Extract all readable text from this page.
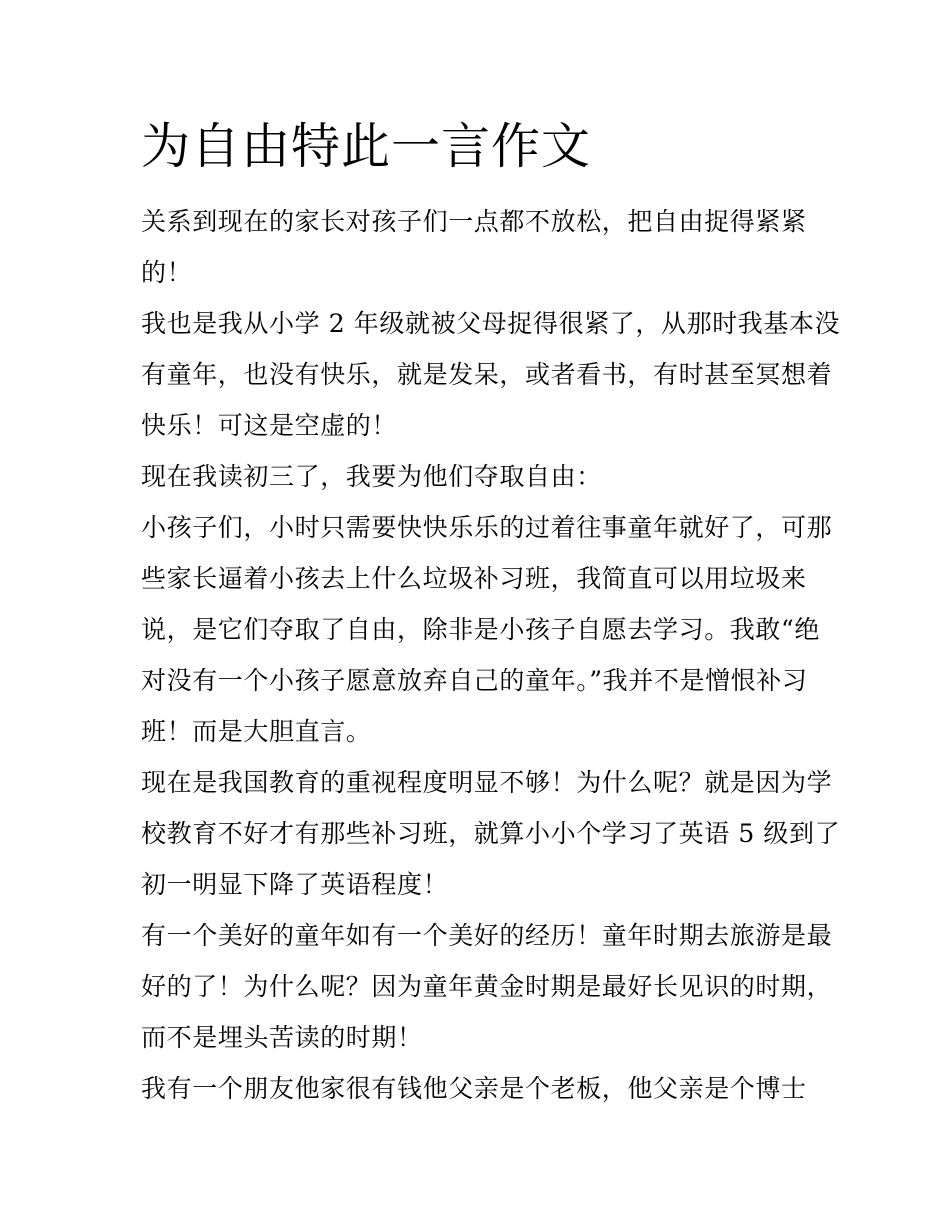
为自由特此一言作文
关系到现在的家长对孩子们一点都不放松，把自由捉得紧紧
的！
我也是我从小学 2 年级就被父母捉得很紧了，从那时我基本没
有童年，也没有快乐，就是发呆，或者看书，有时甚至冥想着
快乐！可这是空虚的！
现在我读初三了，我要为他们夺取自由：
小孩子们，小时只需要快快乐乐的过着往事童年就好了，可那
些家长逼着小孩去上什么垃圾补习班，我简直可以用垃圾来
说，是它们夺取了自由，除非是小孩子自愿去学习。我敢“绝
对没有一个小孩子愿意放弃自己的童年。”我并不是憎恨补习
班！而是大胆直言。
现在是我国教育的重视程度明显不够！为什么呢？就是因为学
校教育不好才有那些补习班，就算小小个学习了英语 5 级到了
初一明显下降了英语程度！
有一个美好的童年如有一个美好的经历！童年时期去旅游是最
好的了！为什么呢？因为童年黄金时期是最好长见识的时期，
而不是埋头苦读的时期！
我有一个朋友他家很有钱他父亲是个老板，他父亲是个博士
